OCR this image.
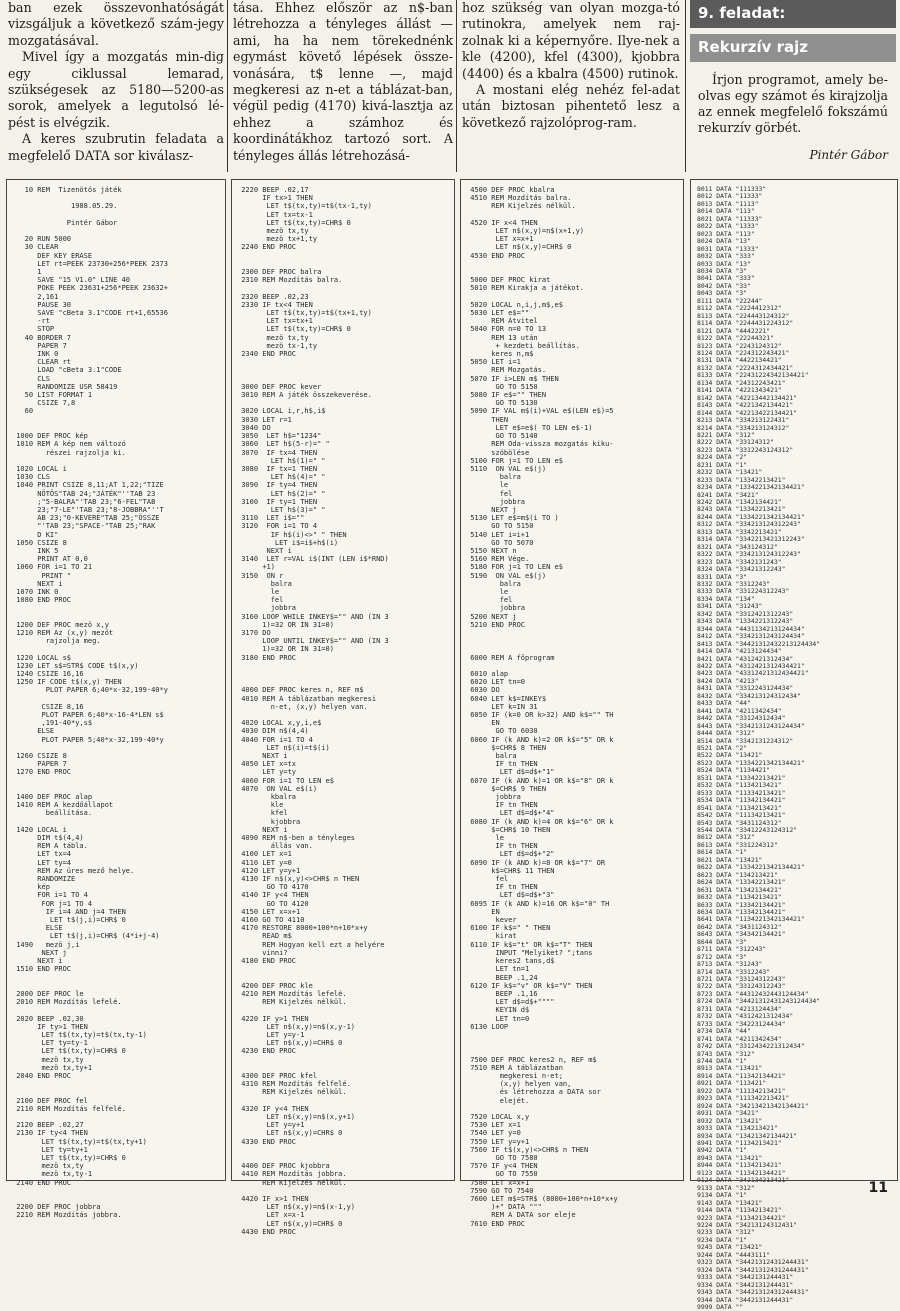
ban ezek összevonhatóságát vizsgáljuk a következő szám-jegy mozgatásával.

Mivel így a mozgatás min-dig egy ciklussal lemarad, szükségesek az 5180—5200-as sorok, amelyek a legutolsó lé-pést is elvégzik.

A keres szubrutin feladata a megfelelő DATA sor kiválasz-

tása. Ehhez először az n$-ban létrehozza a tényleges állást — ami, ha ha nem törekednénk egymást követő lépések össze-vonására, t$ lenne —, majd megkeresi az n-et a táblázat-ban, végül pedig (4170) kivá-lasztja az ehhez a számhoz és koordinátákhoz tartozó sort. A tényleges állás létrehozásá-

hoz szükség van olyan mozga-tó rutinokra, amelyek nem raj-zolnak ki a képernyőre. Ilye-nek a kle (4200), kfel (4300), kjobbra (4400) és a kbalra (4500) rutinok.

A mostani elég nehéz fel-adat után biztosan pihentető lesz a következő rajzolóprog-ram.

9. feladat:
Rekurzív rajz
Írjon programot, amely be-olvas egy számot és kirajzolja az ennek megfelelő fokszámú rekurzív görbét.
Pintér Gábor
10 REM  Tizenötös játék

1988.05.29.

Pintér Gábor

20 RUN 5000
30 CLEAR
DEF KEY ERASE
LET rt=PEEK 23730+256*PEEK 2373
1
SAVE "15 V1.0" LINE 40
POKE PEEK 23631+256*PEEK 23632+
2,161
PAUSE 30
SAVE "cBeta 3.1"CODE rt+1,65536
-rt
STOP
40 BORDER 7
PAPER 7
INK 0
CLEAR rt
LOAD "cBeta 3.1"CODE
CLS
RANDOMIZE USR 58419
50 LIST FORMAT 1
CSIZE 7,8
60

1000 DEF PROC kép
1010 REM A kép nem változó
részei rajzolja ki.

1020 LOCAL i
1030 CLS
1040 PRINT CSIZE 8,11;AT 1,22;"TIZE
NÖTÖS"TAB 24;"JÁTÉK"''TAB 23
;"5-BALRA"'TAB 23;"6-FEL"TAB
23;"7-LE"'TAB 23;"8-JOBBRA"''T
AB 23;"0-KEVERÉ"TAB 25;"ÖSSZE
"'TAB 23;"SPACE-"TAB 25;"RAK
D KI"
1050 CSIZE 8
INK 5
PRINT AT 0,0
1060 FOR i=1 TO 21
PRINT "
NEXT i
1070 INK 0
1080 END PROC

1200 DEF PROC mezö x,y
1210 REM Az (x,y) mezöt
rajzolja meg.

1220 LOCAL s$
1230 LET s$=STR$ CODE t$(x,y)
1240 CSIZE 16,16
1250 IF CODE t$(x,y) THEN
PLOT PAPER 6;40*x-32,199-40*y

CSIZE 8,16
PLOT PAPER 6;40*x-16-4*LEN s$
,191-40*y,s$
ELSE
PLOT PAPER 5;40*x-32,199-40*y

1260 CSIZE 8
PAPER 7
1270 END PROC

1400 DEF PROC alap
1410 REM A kezdőállapot
beállítása.

1420 LOCAL i
DIM t$(4,4)
REM A tábla.
LET tx=4
LET ty=4
REM Az üres mező helye.
RANDOMIZE
kép
FOR i=1 TO 4
FOR j=1 TO 4
IF i=4 AND j=4 THEN
LET t$(j,i)=CHR$ 0
ELSE
LET t$(j,i)=CHR$ (4*i+j-4)
1490   mezö j,i
NEXT j
NEXT i
1510 END PROC

2000 DEF PROC le
2010 REM Mozdítás lefelé.

2020 BEEP .02,30
IF ty>1 THEN
LET t$(tx,ty)=t$(tx,ty-1)
LET ty=ty-1
LET t$(tx,ty)=CHR$ 0
mezö tx,ty
mezö tx,ty+1
2040 END PROC

2100 DEF PROC fel
2110 REM Mozdítás felfelé.

2120 BEEP .02,27
2130 IF ty<4 THEN
LET t$(tx,ty)=t$(tx,ty+1)
LET ty=ty+1
LET t$(tx,ty)=CHR$ 0
mezö tx,ty
mezö tx,ty-1
2140 END PROC

2200 DEF PROC jobbra
2210 REM Mozdítás jobbra.
2220 BEEP .02,17
IF tx>1 THEN
LET t$(tx,ty)=t$(tx-1,ty)
LET tx=tx-1
LET t$(tx,ty)=CHR$ 0
mezö tx,ty
mezö tx+1,ty
2240 END PROC

2300 DEF PROC balra
2310 REM Mozdítás balra.

2320 BEEP .02,23
2330 IF tx<4 THEN
LET t$(tx,ty)=t$(tx+1,ty)
LET tx=tx+1
LET t$(tx,ty)=CHR$ 0
mezö tx,ty
mezö tx-1,ty
2340 END PROC

3000 DEF PROC kever
3010 REM A játék összekeverése.

3020 LOCAL i,r,h$,i$
3030 LET r=1
3040 DO
3050  LET h$="1234"
3060  LET h$(5-r)=" "
3070  IF tx=4 THEN
LET h$(1)=" "
3080  IF tx=1 THEN
LET h$(4)=" "
3090  IF ty=4 THEN
LET h$(2)=" "
3100  IF ty=1 THEN
LET h$(3)=" "
3110  LET i$=""
3120  FOR i=1 TO 4
IF h$(i)<>" " THEN
LET i$=i$+h$(i)
NEXT i
3140  LET r=VAL i$(INT (LEN i$*RND)
+1)
3150  ON r
balra
le
fel
jobbra
3160 LOOP WHILE INKEY$="" AND (IN 3
1)=32 OR IN 31=0)
3170 DO
LOOP UNTIL INKEY$="" AND (IN 3
1)=32 OR IN 31=0)
3180 END PROC

4000 DEF PROC keres n, REF m$
4010 REM A táblázatban megkeresi
n-et, (x,y) helyen van.

4020 LOCAL x,y,i,e$
4030 DIM n$(4,4)
4040 FOR i=1 TO 4
LET n$(i)=t$(i)
NEXT i
4050 LET x=tx
LET y=ty
4060 FOR i=1 TO LEN e$
4070  ON VAL e$(i)
kbalra
kle
kfel
kjobbra
NEXT i
4090 REM n$-ben a tényleges
állás van.
4100 LET x=1
4110 LET y=0
4120 LET y=y+1
4130 IF n$(x,y)<>CHR$ n THEN
GO TO 4170
4140 IF y<4 THEN
GO TO 4120
4150 LET x=x+1
4160 GO TO 4110
4170 RESTORE 8000+100*n+10*x+y
READ m$
REM Hogyan kell ezt a helyére
vinni?
4180 END PROC

4200 DEF PROC kle
4210 REM Mozdítás lefelé.
REM Kijelzés nélkül.

4220 IF y>1 THEN
LET n$(x,y)=n$(x,y-1)
LET y=y-1
LET n$(x,y)=CHR$ 0
4230 END PROC

4300 DEF PROC kfel
4310 REM Mozdítás felfelé.
REM Kijelzés nélkül.

4320 IF y<4 THEN
LET n$(x,y)=n$(x,y+1)
LET y=y+1
LET n$(x,y)=CHR$ 0
4330 END PROC

4400 DEF PROC kjobbra
4410 REM Mozdítás jobbra.
REM Kijelzés nélkül.

4420 IF x>1 THEN
LET n$(x,y)=n$(x-1,y)
LET x=x-1
LET n$(x,y)=CHR$ 0
4430 END PROC
4500 DEF PROC kbalra
4510 REM Mozdítás balra.
REM Kijelzés nélkül.

4520 IF x<4 THEN
LET n$(x,y)=n$(x+1,y)
LET x=x+1
LET n$(x,y)=CHR$ 0
4530 END PROC

5000 DEF PROC kirat
5010 REM Kirakja a játékot.

5020 LOCAL n,i,j,m$,e$
5030 LET e$=""
REM Átvitel
5040 FOR n=0 TO 13
REM 13 után
+ kezdeti beállítás.
keres n,m$
5050 LET i=1
REM Mozgatás.
5070 IF i>LEN m$ THEN
GO TO 5150
5080 IF e$="" THEN
GO TO 5130
5090 IF VAL m$(i)+VAL e$(LEN e$)=5
THEN
LET e$=e$( TO LEN e$-1)
GO TO 5140
REM Oda-vissza mozgatás kiku-
szöbölése
5100 FOR j=1 TO LEN e$
5110  ON VAL e$(j)
balra
le
fel
jobbra
NEXT j
5130 LET e$=m$(i TO )
GO TO 5150
5140 LET i=i+1
GO TO 5070
5150 NEXT n
5160 REM Vége.
5180 FOR j=1 TO LEN e$
5190  ON VAL e$(j)
balra
le
fel
jobbra
5200 NEXT j
5210 END PROC

6000 REM A főprogram

6010 alap
6020 LET tn=0
6030 DO
6040 LET k$=INKEY$
LET k=IN 31
6050 IF (k=0 OR k>32) AND k$="" TH
EN
GO TO 6030
6060 IF (k AND k)=2 OR k$="5" OR k
$=CHR$ 8 THEN
balra
IF tn THEN
LET d$=d$+"1"
6070 IF (k AND k)=1 OR k$="8" OR k
$=CHR$ 9 THEN
jobbra
IF tn THEN
LET d$=d$+"4"
6080 IF (k AND k)=4 OR k$="6" OR k
$=CHR$ 10 THEN
le
IF tn THEN
LET d$=d$+"2"
6090 IF (k AND k)=8 OR k$="7" OR
k$=CHR$ 11 THEN
fel
IF tn THEN
LET d$=d$+"3"
6095 IF (k AND k)=16 OR k$="0" TH
EN
kever
6100 IF k$=" " THEN
kirat
6110 IF k$="t" OR k$="T" THEN
INPUT "Melyiket? ";tans
keres2 tans,d$
LET tn=1
BEEP .1,24
6120 IF k$="v" OR k$="V" THEN
BEEP .1,16
LET d$=d$+""""
KEYIN d$
LET tn=0
6130 LOOP

7500 DEF PROC keres2 n, REF m$
7510 REM A táblázatban
megkeresi n-et;
(x,y) helyen van,
és létrehozza a DATA sor
elejét.

7520 LOCAL x,y
7530 LET x=1
7540 LET y=0
7550 LET y=y+1
7560 IF t$(x,y)<>CHR$ n THEN
GO TO 7580
7570 IF y<4 THEN
GO TO 7550
7580 LET x=x+1
7590 GO TO 7540
7600 LET m$=STR$ (8000+100*n+10*x+y
)+" DATA """
REM A DATA sor eleje
7610 END PROC
8011 DATA "111333"
8012 DATA "11333"
8013 DATA "1113"
8014 DATA "113"
8021 DATA "11333"
8022 DATA "1333"
8023 DATA "113"
8024 DATA "13"
8031 DATA "1333"
8032 DATA "333"
8033 DATA "13"
8034 DATA "3"
8041 DATA "333"
8042 DATA "33"
8043 DATA "3"
8111 DATA "22244"
8112 DATA "2224412312"
8113 DATA "224443124312"
8114 DATA "2244431224312"
8121 DATA "4442221"
8122 DATA "22244321"
8123 DATA "2243124312"
8124 DATA "224312243421"
8131 DATA "4422134421"
8132 DATA "2224312434421"
8133 DATA "22431224342134421"
8134 DATA "24312243421"
8141 DATA "4221343421"
8142 DATA "42213442134421"
8143 DATA "4221342134421"
8144 DATA "42213422134421"
8213 DATA "334213122431"
8214 DATA "334213124312"
8221 DATA "312"
8222 DATA "33124312"
8223 DATA "3312243124312"
8224 DATA "2"
8231 DATA "1"
8232 DATA "13421"
8233 DATA "13342213421"
8234 DATA "1334221342134421"
8241 DATA "3421"
8242 DATA "1342134421"
8243 DATA "13342213421"
8244 DATA "1334221342134421"
8312 DATA "334213124312243"
8313 DATA "3342213421"
8314 DATA "3342213421312243"
8321 DATA "343124312"
8322 DATA "334213124312243"
8323 DATA "3342131243"
8324 DATA "33421312243"
8331 DATA "3"
8332 DATA "3312243"
8333 DATA "331224312243"
8334 DATA "134"
8341 DATA "31243"
8342 DATA "3312421312243"
8343 DATA "1334221312243"
8344 DATA "4431134213124434"
8412 DATA "3342131243124434"
8413 DATA "34421312432213124434"
8414 DATA "4213124434"
8421 DATA "4312421312434"
8422 DATA "4312421312434421"
8423 DATA "43312421312434421"
8424 DATA "4213"
8431 DATA "3312243124434"
8432 DATA "334213124312434"
8433 DATA "44"
8441 DATA "4211342434"
8442 DATA "33124312434"
8443 DATA "3342131243124434"
8444 DATA "312"
8514 DATA "3342131224312"
8521 DATA "2"
8522 DATA "13421"
8523 DATA "1334221342134421"
8524 DATA "1134421"
8531 DATA "13342213421"
8532 DATA "1134213421"
8533 DATA "11334213421"
8534 DATA "11342134421"
8541 DATA "1134213421"
8542 DATA "11134213421"
8543 DATA "3431124312"
8544 DATA "33412243124312"
8612 DATA "312"
8613 DATA "331224312"
8614 DATA "1"
8621 DATA "13421"
8622 DATA "1334221342134421"
8623 DATA "134213421"
8624 DATA "13342213421"
8631 DATA "1342134421"
8632 DATA "1134213421"
8633 DATA "13342134421"
8634 DATA "13342134421"
8641 DATA "1134221342134421"
8642 DATA "3431124312"
8643 DATA "34342134421"
8644 DATA "3"
8711 DATA "312243"
8712 DATA "3"
8713 DATA "31243"
8714 DATA "3312243"
8721 DATA "33124312243"
8722 DATA "33124312243"
8723 DATA "44312432443124434"
8724 DATA "34421312431243124434"
8731 DATA "4213124434"
8732 DATA "4312421312434"
8733 DATA "34223124434"
8734 DATA "44"
8741 DATA "4211342434"
8742 DATA "3312434221312434"
8743 DATA "312"
8744 DATA "1"
8913 DATA "13421"
8914 DATA "11342134421"
8921 DATA "113421"
8922 DATA "11134213421"
8923 DATA "111342213421"
8924 DATA "34213421342134421"
8931 DATA "3421"
8932 DATA "13421"
8933 DATA "134213421"
8934 DATA "13421342134421"
8941 DATA "1134213421"
8942 DATA "1"
8943 DATA "13421"
8944 DATA "1134213421"
9123 DATA "11342134421"
9124 DATA "342134213421"
9133 DATA "312"
9134 DATA "1"
9143 DATA "13421"
9144 DATA "1134213421"
9223 DATA "11342134421"
9224 DATA "34213124312431"
9233 DATA "312"
9234 DATA "1"
9243 DATA "13421"
9244 DATA "4443111"
9323 DATA "34421312431244431"
9324 DATA "34421312431244431"
9333 DATA "3442131244431"
9334 DATA "3442131244431"
9343 DATA "34421312431244431"
9344 DATA "3442131244431"
9999 DATA ""
11
